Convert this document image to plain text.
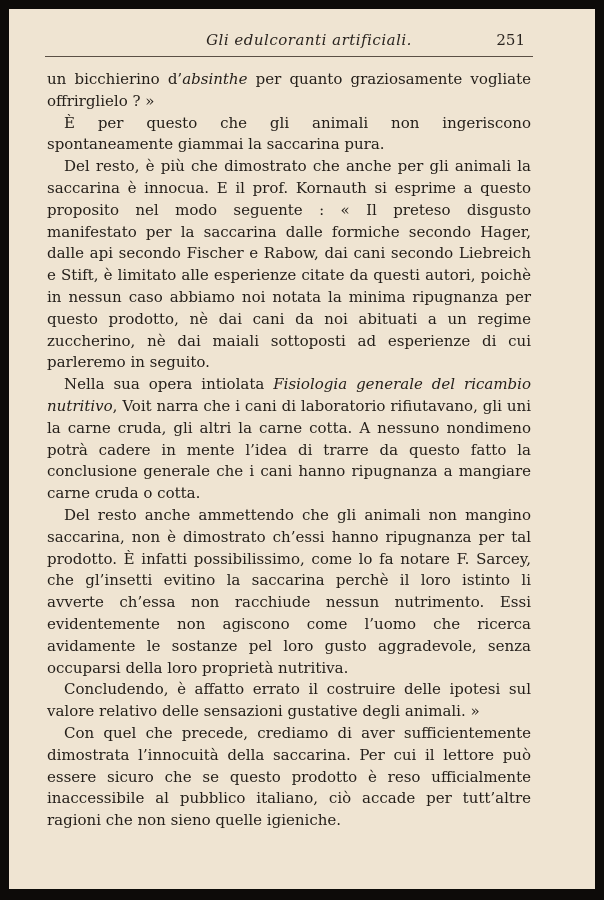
Gli edulcoranti artificiali.	251

un bicchierino d’absinthe per quanto graziosamente vogliate offrirglielo ? »

È per questo che gli animali non ingeriscono spontaneamente giammai la saccarina pura.

Del resto, è più che dimostrato che anche per gli animali la saccarina è innocua. E il prof. Kornauth si esprime a questo proposito nel modo seguente : « Il preteso disgusto manifestato per la saccarina dalle formiche secondo Hager, dalle api secondo Fischer e Rabow, dai cani secondo Liebreich e Stift, è limitato alle esperienze citate da questi autori, poichè in nessun caso abbiamo noi notata la minima ripugnanza per questo prodotto, nè dai cani da noi abituati a un regime zuccherino, nè dai maiali sottoposti ad esperienze di cui parleremo in seguito.

Nella sua opera intiolata Fisiologia generale del ricambio nutritivo, Voit narra che i cani di laboratorio rifiutavano, gli uni la carne cruda, gli altri la carne cotta. A nessuno nondimeno potrà cadere in mente l’idea di trarre da questo fatto la conclusione generale che i cani hanno ripugnanza a mangiare carne cruda o cotta.

Del resto anche ammettendo che gli animali non mangino saccarina, non è dimostrato ch’essi hanno ripugnanza per tal prodotto. È infatti possibilissimo, come lo fa notare F. Sarcey, che gl’insetti evitino la saccarina perchè il loro istinto li avverte ch’essa non racchiude nessun nutrimento. Essi evidentemente non agiscono come l’uomo che ricerca avidamente le sostanze pel loro gusto aggradevole, senza occuparsi della loro proprietà nutritiva.

Concludendo, è affatto errato il costruire delle ipotesi sul valore relativo delle sensazioni gustative degli animali. »

Con quel che precede, crediamo di aver sufficientemente dimostrata l’innocuità della saccarina. Per cui il lettore può essere sicuro che se questo prodotto è reso ufficialmente inaccessibile al pubblico italiano, ciò accade per tutt’altre ragioni che non sieno quelle igieniche.
